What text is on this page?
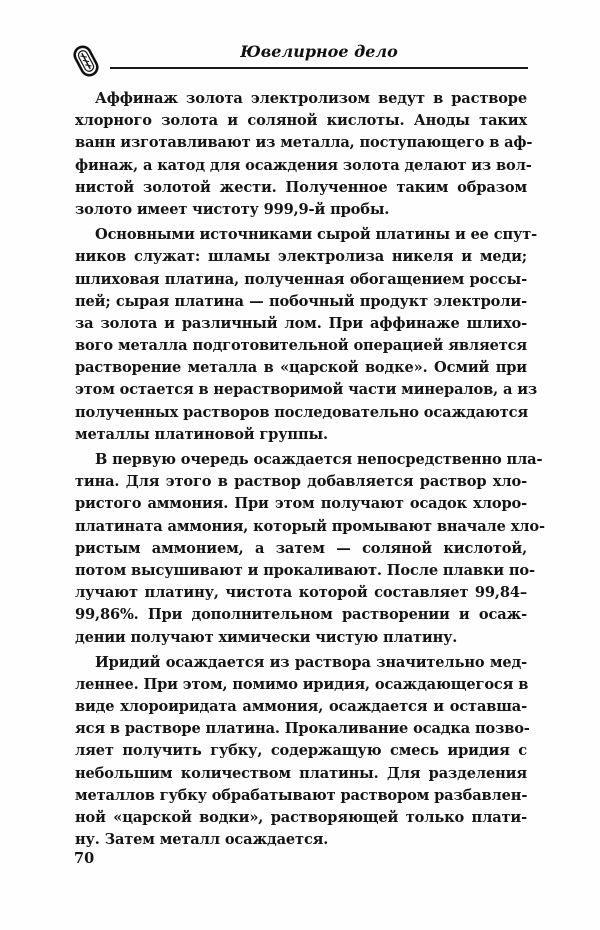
Ювелирное дело
Аффинаж золота электролизом ведут в растворе
хлорного золота и соляной кислоты. Аноды таких
ванн изготавливают из металла, поступающего в аф-
финаж, а катод для осаждения золота делают из вол-
нистой золотой жести. Полученное таким образом
золото имеет чистоту 999,9-й пробы.
Основными источниками сырой платины и ее спут-
ников служат: шламы электролиза никеля и меди;
шлиховая платина, полученная обогащением россы-
пей; сырая платина — побочный продукт электроли-
за золота и различный лом. При аффинаже шлихо-
вого металла подготовительной операцией является
растворение металла в «царской водке». Осмий при
этом остается в нерастворимой части минералов, а из
полученных растворов последовательно осаждаются
металлы платиновой группы.
В первую очередь осаждается непосредственно пла-
тина. Для этого в раствор добавляется раствор хло-
ристого аммония. При этом получают осадок хлоро-
платината аммония, который промывают вначале хло-
ристым аммонием, а затем — соляной кислотой,
потом высушивают и прокаливают. После плавки по-
лучают платину, чистота которой составляет 99,84–
99,86%. При дополнительном растворении и осаж-
дении получают химически чистую платину.
Иридий осаждается из раствора значительно мед-
леннее. При этом, помимо иридия, осаждающегося в
виде хлороиридата аммония, осаждается и оставша-
яся в растворе платина. Прокаливание осадка позво-
ляет получить губку, содержащую смесь иридия с
небольшим количеством платины. Для разделения
металлов губку обрабатывают раствором разбавлен-
ной «царской водки», растворяющей только плати-
ну. Затем металл осаждается.
70
